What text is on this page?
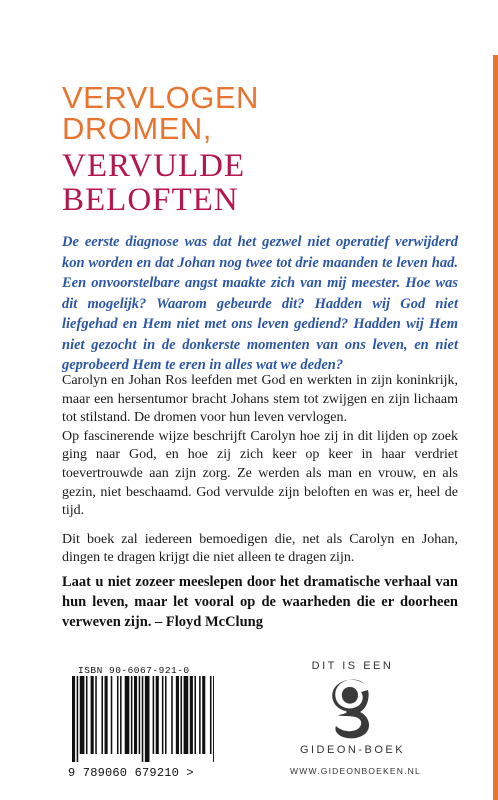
VERVLOGEN
DROMEN,
VERVULDE
BELOFTEN
De eerste diagnose was dat het gezwel niet operatief verwijderd kon worden en dat Johan nog twee tot drie maanden te leven had. Een onvoorstelbare angst maakte zich van mij meester. Hoe was dit mogelijk? Waarom gebeurde dit? Hadden wij God niet liefgehad en Hem niet met ons leven gediend? Hadden wij Hem niet gezocht in de donkerste momenten van ons leven, en niet geprobeerd Hem te eren in alles wat we deden?

Carolyn en Johan Ros leefden met God en werkten in zijn koninkrijk, maar een hersentumor bracht Johans stem tot zwijgen en zijn lichaam tot stilstand. De dromen voor hun leven vervlogen.

Op fascinerende wijze beschrijft Carolyn hoe zij in dit lijden op zoek ging naar God, en hoe zij zich keer op keer in haar verdriet toevertrouwde aan zijn zorg. Ze werden als man en vrouw, en als gezin, niet beschaamd. God vervulde zijn beloften en was er, heel de tijd.

Dit boek zal iedereen bemoedigen die, net als Carolyn en Johan, dingen te dragen krijgt die niet alleen te dragen zijn.

Laat u niet zozeer meeslepen door het dramatische verhaal van hun leven, maar let vooral op de waarheden die er doorheen verweven zijn. – Floyd McClung
ISBN 90-6067-921-0
9 789060 679210 >
DIT IS EEN
GIDEON-BOEK
WWW.GIDEONBOEKEN.NL
